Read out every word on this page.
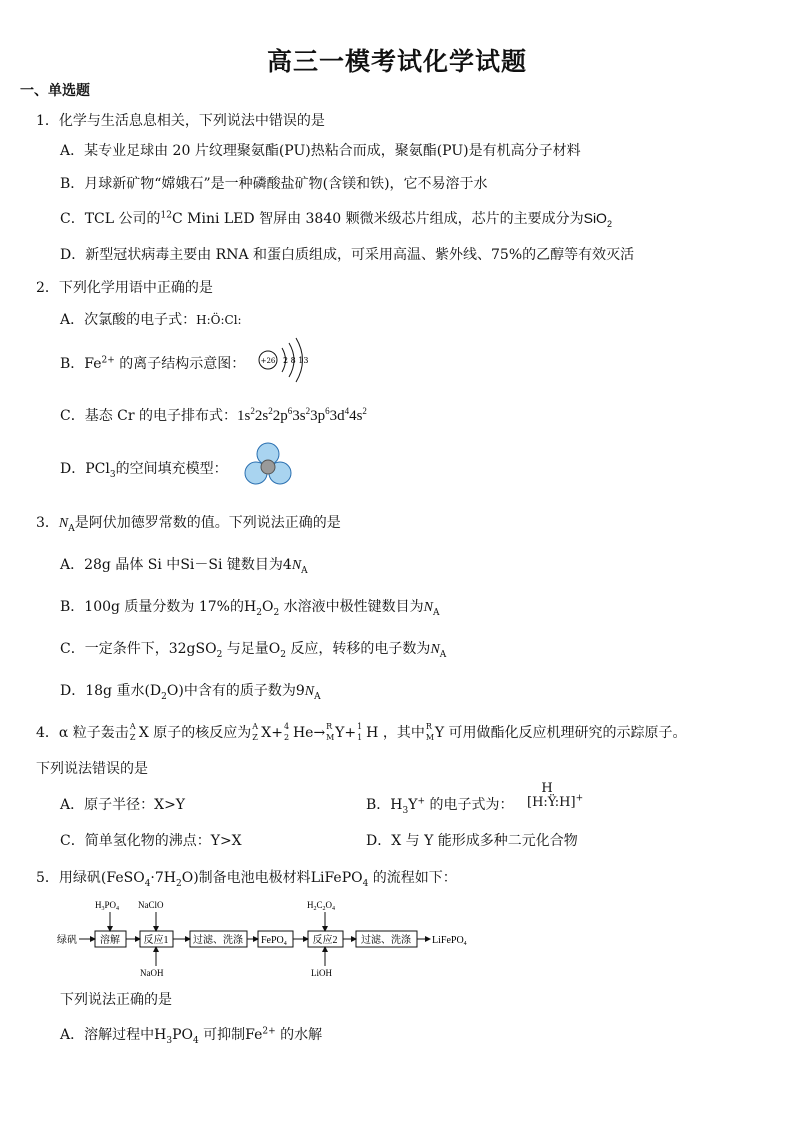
高三一模考试化学试题
一、单选题
1．化学与生活息息相关，下列说法中错误的是
A．某专业足球由 20 片纹理聚氨酯(PU)热粘合而成，聚氨酯(PU)是有机高分子材料
B．月球新矿物“嫦娥石”是一种磷酸盐矿物(含镁和铁)，它不易溶于水
C．TCL 公司的$^{12}$C Mini LED 智屏由 3840 颗微米级芯片组成，芯片的主要成分为SiO$_2$
D．新型冠状病毒主要由 RNA 和蛋白质组成，可采用高温、紫外线、75%的乙醇等有效灭活
2．下列化学用语中正确的是
A．次氯酸的电子式：H:Ö:Cl:
B．$Fe^{2+}$ 的离子结构示意图： +26 2 8 13
C．基态 Cr 的电子排布式：$1s^22s^22p^63s^23p^63d^44s^2$
D．PCl$_3$的空间填充模型：
3．$N_A$是阿伏加德罗常数的值。下列说法正确的是
A．28g 晶体 Si 中Si－Si 键数目为$4N_A$
B．100g 质量分数为 17%的$H_2O_2$ 水溶液中极性键数目为$N_A$
C．一定条件下，32gSO$_2$ 与足量$O_2$ 反应，转移的电子数为$N_A$
D．18g 重水$(D_2O)$中含有的质子数为$9N_A$
4．α 粒子轰击 A
Z X 原子的核反应为 A
Z X+ 4
2 He→ R
M Y+ 1
1 H ，其中 R
M Y 可用做酯化反应机理研究的示踪原子。
下列说法错误的是
A．原子半径：X>Y	B．$H_3Y^+$ 的电子式为：
H
[H:Ÿ:H]+
C．简单氢化物的沸点：Y>X	D．X 与 Y 能形成多种二元化合物
5．用绿矾$(FeSO_4\cdot 7H_2O)$制备电池电极材料LiFePO$_4$ 的流程如下：
绿矾 溶解 反应1 过滤、洗涤 FePO$_4$	反应2 过滤、洗涤 LiFePO$_4$
$H_3PO_4$ NaClO
NaOH
$H_2C_2O_4$
LiOH
下列说法正确的是
A．溶解过程中$H_3PO_4$ 可抑制$Fe^{2+}$ 的水解
